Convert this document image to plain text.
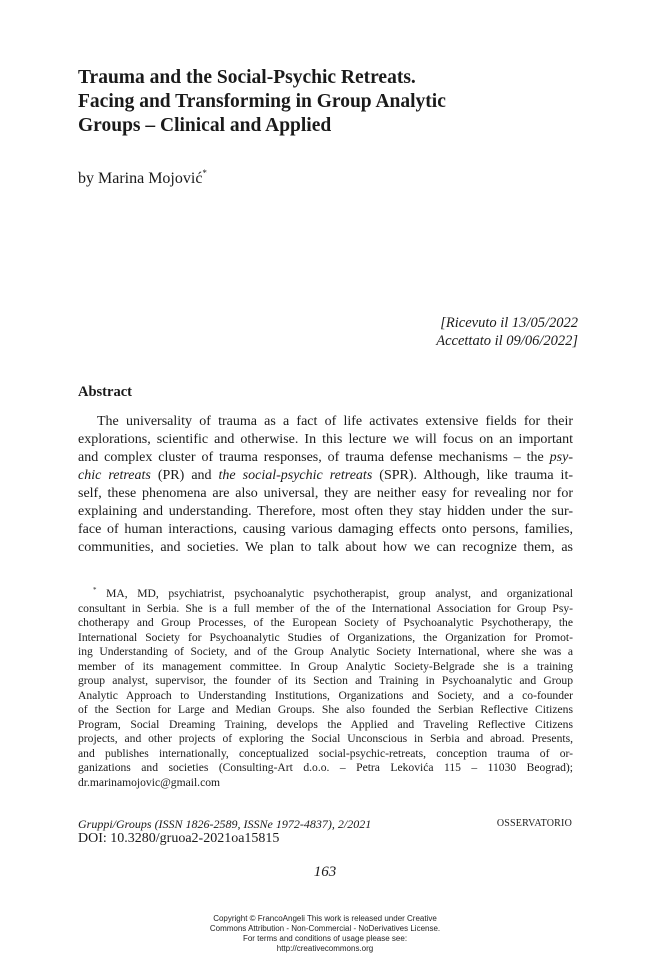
Trauma and the Social-Psychic Retreats.
Facing and Transforming in Group Analytic
Groups – Clinical and Applied
by Marina Mojović*
[Ricevuto il 13/05/2022
Accettato il 09/06/2022]
Abstract
The universality of trauma as a fact of life activates extensive fields for their
explorations, scientific and otherwise. In this lecture we will focus on an important
and complex cluster of trauma responses, of trauma defense mechanisms – the psy-
chic retreats (PR) and the social-psychic retreats (SPR). Although, like trauma it-
self, these phenomena are also universal, they are neither easy for revealing nor for
explaining and understanding. Therefore, most often they stay hidden under the sur-
face of human interactions, causing various damaging effects onto persons, families,
communities, and societies. We plan to talk about how we can recognize them, as
* MA, MD, psychiatrist, psychoanalytic psychotherapist, group analyst, and organizational
consultant in Serbia. She is a full member of the of the International Association for Group Psy-
chotherapy and Group Processes, of the European Society of Psychoanalytic Psychotherapy, the
International Society for Psychoanalytic Studies of Organizations, the Organization for Promot-
ing Understanding of Society, and of the Group Analytic Society International, where she was a
member of its management committee. In Group Analytic Society-Belgrade she is a training
group analyst, supervisor, the founder of its Section and Training in Psychoanalytic and Group
Analytic Approach to Understanding Institutions, Organizations and Society, and a co-founder
of the Section for Large and Median Groups. She also founded the Serbian Reflective Citizens
Program, Social Dreaming Training, develops the Applied and Traveling Reflective Citizens
projects, and other projects of exploring the Social Unconscious in Serbia and abroad. Presents,
and publishes internationally, conceptualized social-psychic-retreats, conception trauma of or-
ganizations and societies (Consulting-Art d.o.o. – Petra Lekovića 115 – 11030 Beograd);
dr.marinamojovic@gmail.com
Gruppi/Groups (ISSN 1826-2589, ISSNe 1972-4837), 2/2021	OSSERVATORIO
DOI: 10.3280/gruoa2-2021oa15815
163
Copyright © FrancoAngeli This work is released under Creative
Commons Attribution - Non-Commercial - NoDerivatives License.
For terms and conditions of usage please see:
http://creativecommons.org
